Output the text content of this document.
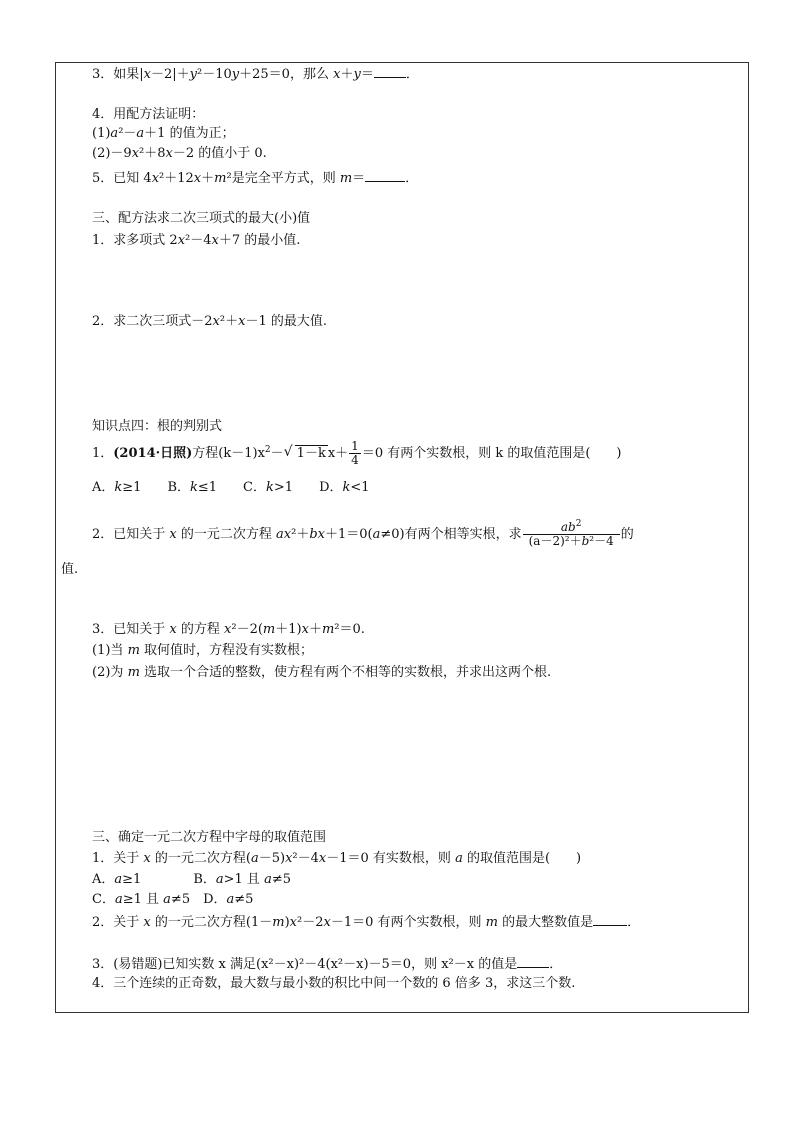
3．如果|x－2|＋y²－10y＋25＝0，那么 x＋y＝ ．
4．用配方法证明：
(1)a²－a＋1 的值为正；
(2)－9x²＋8x－2 的值小于 0.
5．已知 4x²＋12x＋m²是完全平方式，则 m＝	．
三、配方法求二次三项式的最大(小)值
1．求多项式 2x²－4x＋7 的最小值.
2．求二次三项式－2x²＋x－1 的最大值.
知识点四：根的判别式
1．(2014·日照)方程$(k-1)x^2-$ √ 1－k $x+ \frac{1}{4} =0$ 有两个实数根，则 k 的取值范围是(　　)
A．k≥1　　B．k≤1　　C．k>1　　D．k<1
2．已知关于 x 的一元二次方程 ax²＋bx＋1＝0(a≠0)有两个相等实根，求 $\frac{ab^2}{\text{(a－2)²＋b²－4}}$ 的
值.
3．已知关于 x 的方程 x²－2(m＋1)x＋m²＝0.
(1)当 m 取何值时，方程没有实数根；
(2)为 m 选取一个合适的整数，使方程有两个不相等的实数根，并求出这两个根.
三、确定一元二次方程中字母的取值范围
1．关于 x 的一元二次方程(a－5)x²－4x－1＝0 有实数根，则 a 的取值范围是(　　)
A．a≥1　　　　B．a>1 且 a≠5
C．a≥1 且 a≠5　D．a≠5
2．关于 x 的一元二次方程(1－m)x²－2x－1＝0 有两个实数根，则 m 的最大整数值是	．
3．(易错题)已知实数 x 满足(x²－x)²－4(x²－x)－5＝0，则 x²－x 的值是 ．
4．三个连续的正奇数，最大数与最小数的积比中间一个数的 6 倍多 3，求这三个数.
